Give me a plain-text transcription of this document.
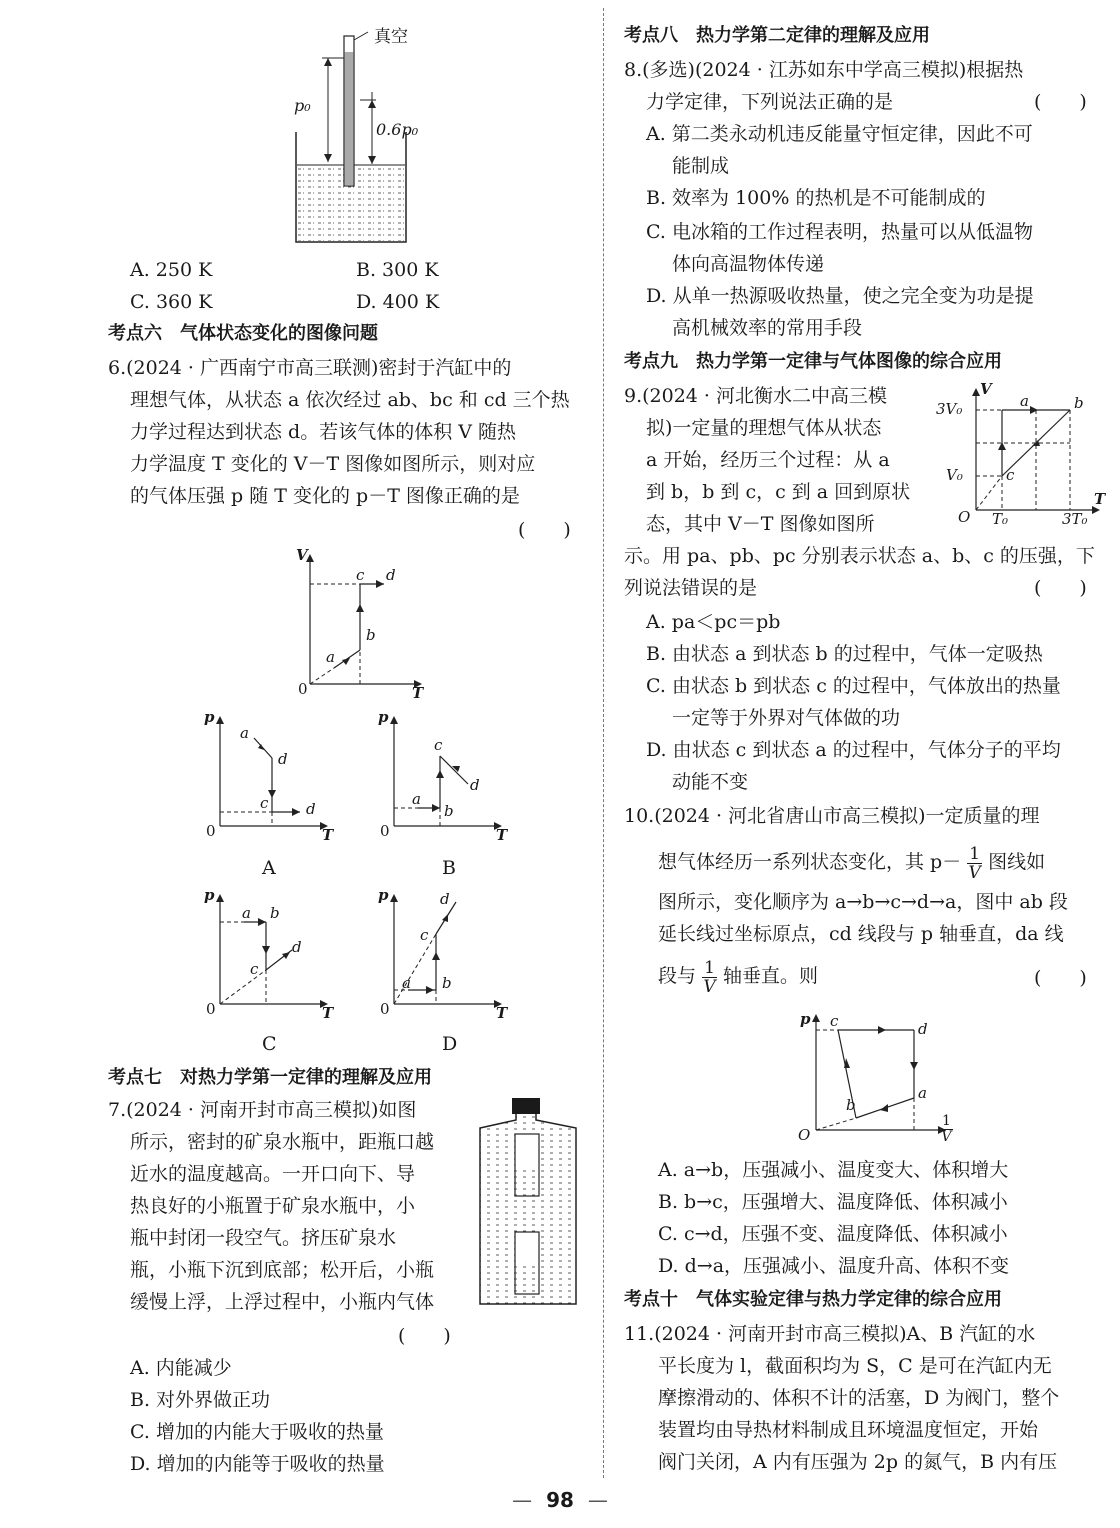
真空
p₀
0.6p₀
A. 250 K	B. 300 K
C. 360 K	D. 400 K
考点六　气体状态变化的图像问题
6.(2024 · 广西南宁市高三联测)密封于汽缸中的
理想气体，从状态 a 依次经过 ab、bc 和 cd 三个热
力学过程达到状态 d。若该气体的体积 V 随热
力学温度 T 变化的 V－T 图像如图所示，则对应
的气体压强 p 随 T 变化的 p－T 图像正确的是
(　　)
V
T
0
a
b
c d
p
0	T
a
d
c	d
A
p
0	T
a
b
c
d
B
p
0	T
a b
c
d
C
p
0	T
a b
c
d
D
考点七　对热力学第一定律的理解及应用
7.(2024 · 河南开封市高三模拟)如图
所示，密封的矿泉水瓶中，距瓶口越
近水的温度越高。一开口向下、导
热良好的小瓶置于矿泉水瓶中，小
瓶中封闭一段空气。挤压矿泉水
瓶，小瓶下沉到底部；松开后，小瓶
缓慢上浮，上浮过程中，小瓶内气体
(　　)
A. 内能减少
B. 对外界做正功
C. 增加的内能大于吸收的热量
D. 增加的内能等于吸收的热量
考点八　热力学第二定律的理解及应用
8.(多选)(2024 · 江苏如东中学高三模拟)根据热
力学定律，下列说法正确的是	(　　)
A. 第二类永动机违反能量守恒定律，因此不可
能制成
B. 效率为 100% 的热机是不可能制成的
C. 电冰箱的工作过程表明，热量可以从低温物
体向高温物体传递
D. 从单一热源吸收热量，使之完全变为功是提
高机械效率的常用手段
考点九　热力学第一定律与气体图像的综合应用
9.(2024 · 河北衡水二中高三模
拟)一定量的理想气体从状态
a 开始，经历三个过程：从 a
到 b，b 到 c，c 到 a 回到原状
态，其中 V－T 图像如图所
示。用 pa、pb、pc 分别表示状态 a、b、c 的压强，下
列说法错误的是	(　　)
V
T
O
3V₀
V₀
T₀	3T₀
a	b
c
A. pa＜pc＝pb
B. 由状态 a 到状态 b 的过程中，气体一定吸热
C. 由状态 b 到状态 c 的过程中，气体放出的热量
一定等于外界对气体做的功
D. 由状态 c 到状态 a 的过程中，气体分子的平均
动能不变
10.(2024 · 河北省唐山市高三模拟)一定质量的理
想气体经历一系列状态变化，其 $p- \frac{1}{V}$ 图线如
图所示，变化顺序为 a→b→c→d→a，图中 ab 段
延长线过坐标原点，cd 线段与 p 轴垂直，da 线
段与 $\frac{1}{V}$ 轴垂直。则	(　　)
p
O
c	d
a
b
$\frac{1}{V}$
A. a→b，压强减小、温度变大、体积增大
B. b→c，压强增大、温度降低、体积减小
C. c→d，压强不变、温度降低、体积减小
D. d→a，压强减小、温度升高、体积不变
考点十　气体实验定律与热力学定律的综合应用
11.(2024 · 河南开封市高三模拟)A、B 汽缸的水
平长度为 l，截面积均为 S，C 是可在汽缸内无
摩擦滑动的、体积不计的活塞，D 为阀门，整个
装置均由导热材料制成且环境温度恒定，开始
阀门关闭，A 内有压强为 2p 的氮气，B 内有压
— 98 —
